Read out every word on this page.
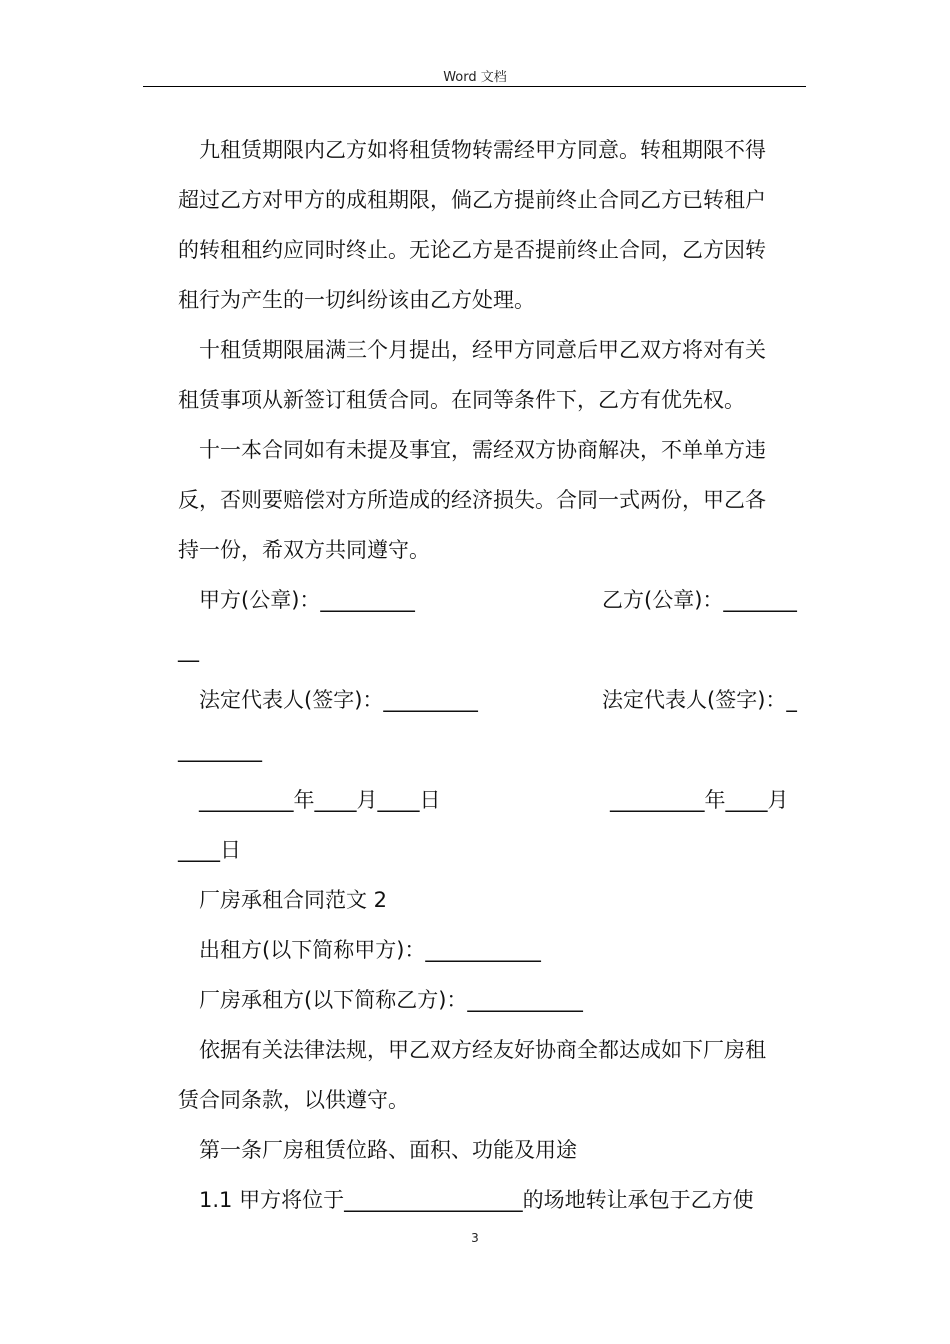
Word 文档
　九租赁期限内乙方如将租赁物转需经甲方同意。转租期限不得
超过乙方对甲方的成租期限，倘乙方提前终止合同乙方已转租户
的转租租约应同时终止。无论乙方是否提前终止合同，乙方因转
租行为产生的一切纠纷该由乙方处理。
　十租赁期限届满三个月提出，经甲方同意后甲乙双方将对有关
租赁事项从新签订租赁合同。在同等条件下，乙方有优先权。
　十一本合同如有未提及事宜，需经双方协商解决，不单单方违
反，否则要赔偿对方所造成的经济损失。合同一式两份，甲乙各
持一份，希双方共同遵守。
　甲方(公章)：_________	乙方(公章)：_______
__
　法定代表人(签字)：_________	法定代表人(签字)：_
________
　_________年____月____日	_________年____月
____日
　厂房承租合同范文 2
　出租方(以下简称甲方)：___________
　厂房承租方(以下简称乙方)：___________
　依据有关法律法规，甲乙双方经友好协商全都达成如下厂房租
赁合同条款，以供遵守。
　第一条厂房租赁位路、面积、功能及用途
　1.1 甲方将位于_________________的场地转让承包于乙方使
3
